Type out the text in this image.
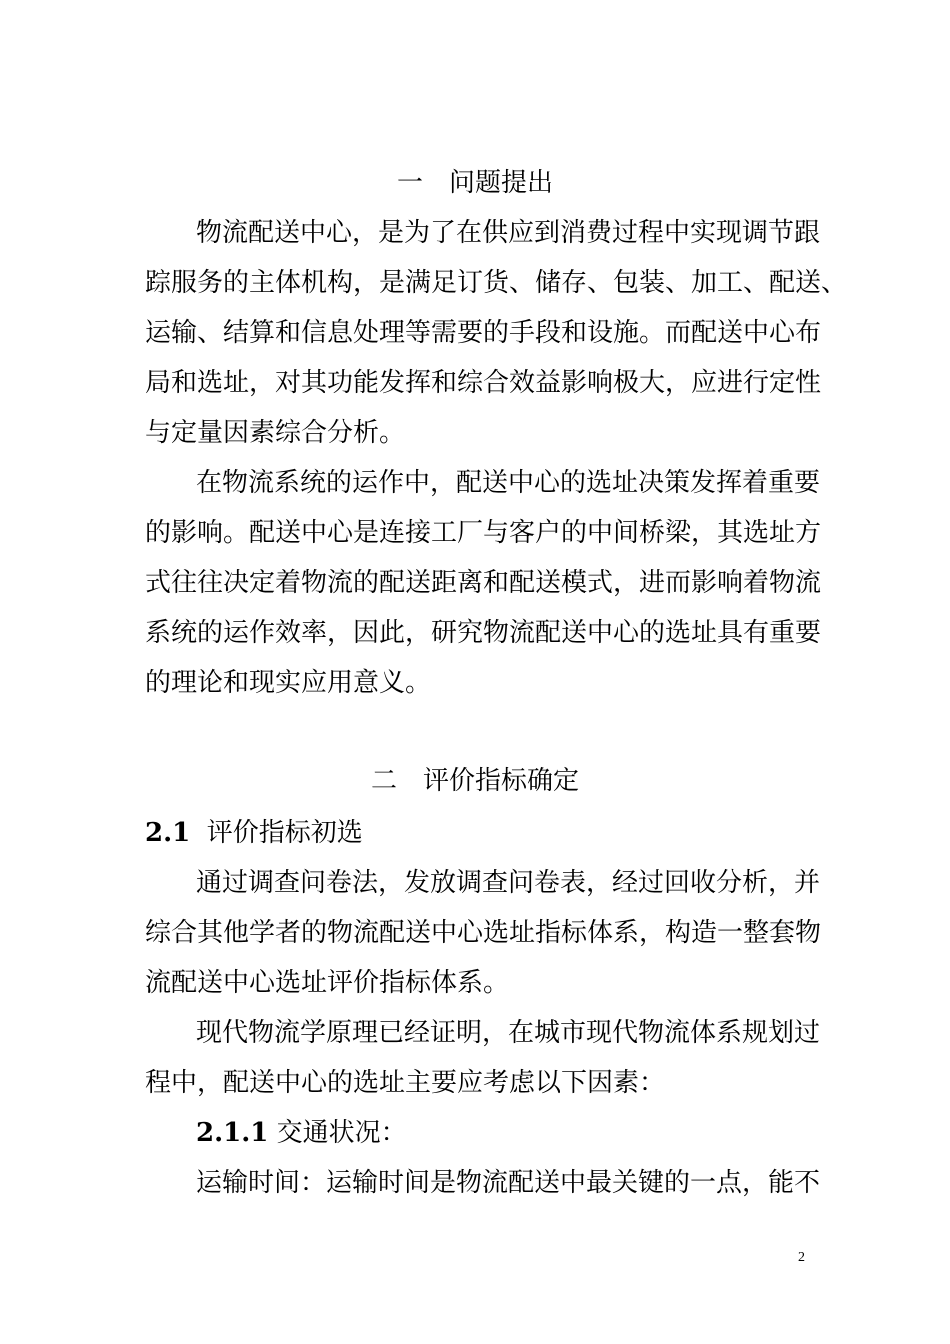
一　问题提出
物流配送中心，是为了在供应到消费过程中实现调节跟
踪服务的主体机构，是满足订货、储存、包装、加工、配送、
运输、结算和信息处理等需要的手段和设施。而配送中心布
局和选址，对其功能发挥和综合效益影响极大，应进行定性
与定量因素综合分析。
在物流系统的运作中，配送中心的选址决策发挥着重要
的影响。配送中心是连接工厂与客户的中间桥梁，其选址方
式往往决定着物流的配送距离和配送模式，进而影响着物流
系统的运作效率，因此，研究物流配送中心的选址具有重要
的理论和现实应用意义。
二　评价指标确定
2.1 评价指标初选
通过调查问卷法，发放调查问卷表，经过回收分析，并
综合其他学者的物流配送中心选址指标体系，构造一整套物
流配送中心选址评价指标体系。
现代物流学原理已经证明，在城市现代物流体系规划过
程中，配送中心的选址主要应考虑以下因素：
2.1.1 交通状况：
运输时间：运输时间是物流配送中最关键的一点，能不
2
